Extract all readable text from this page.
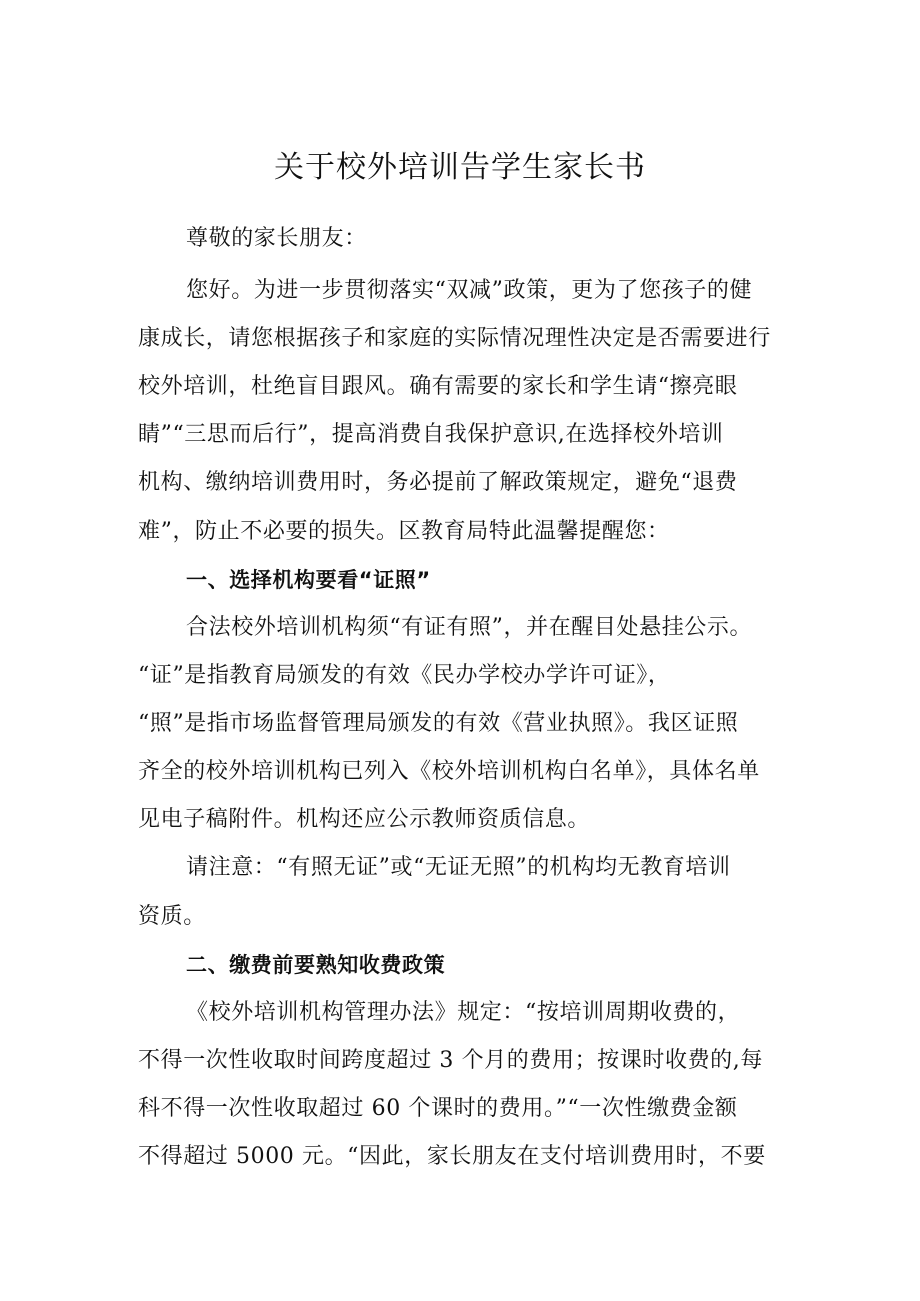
关于校外培训告学生家长书
尊敬的家长朋友：
您好。为进一步贯彻落实“双减”政策，更为了您孩子的健
康成长，请您根据孩子和家庭的实际情况理性决定是否需要进行
校外培训，杜绝盲目跟风。确有需要的家长和学生请“擦亮眼
睛”“三思而后行”，提高消费自我保护意识,在选择校外培训
机构、缴纳培训费用时，务必提前了解政策规定，避免“退费
难”，防止不必要的损失。区教育局特此温馨提醒您：
一、选择机构要看“证照”
合法校外培训机构须“有证有照”，并在醒目处悬挂公示。
“证”是指教育局颁发的有效《民办学校办学许可证》，
“照”是指市场监督管理局颁发的有效《营业执照》。我区证照
齐全的校外培训机构已列入《校外培训机构白名单》，具体名单
见电子稿附件。机构还应公示教师资质信息。
请注意：“有照无证”或“无证无照”的机构均无教育培训
资质。
二、缴费前要熟知收费政策
《校外培训机构管理办法》规定：“按培训周期收费的，
不得一次性收取时间跨度超过 3 个月的费用；按课时收费的,每
科不得一次性收取超过 60 个课时的费用。”“一次性缴费金额
不得超过 5000 元。“因此，家长朋友在支付培训费用时，不要
